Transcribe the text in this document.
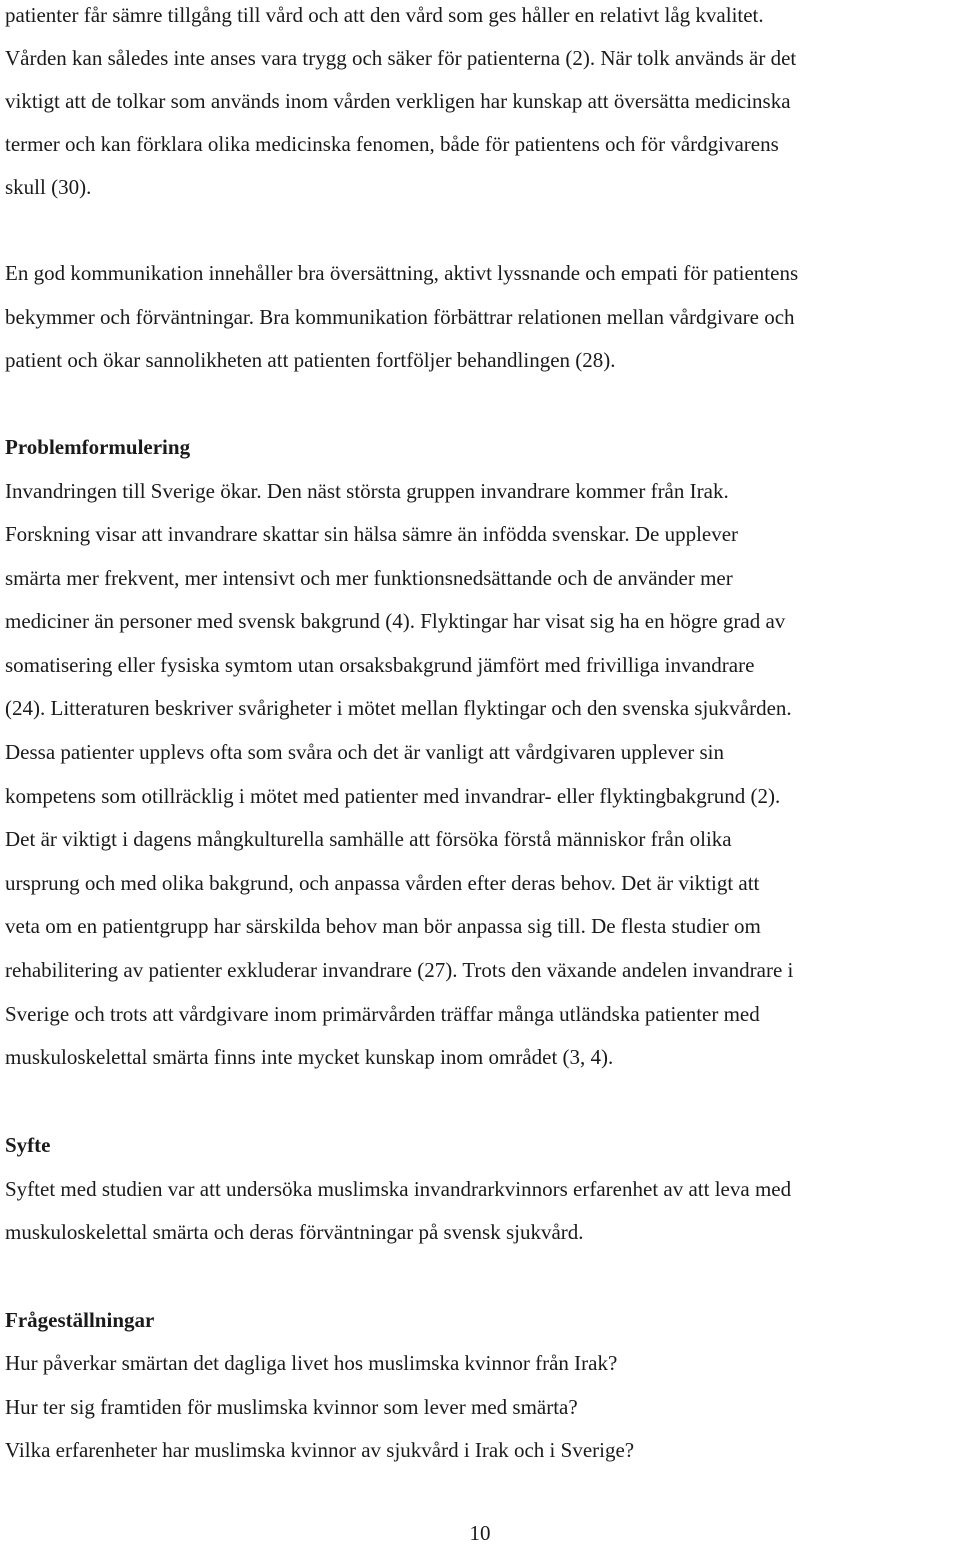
patienter får sämre tillgång till vård och att den vård som ges håller en relativt låg kvalitet.
Vården kan således inte anses vara trygg och säker för patienterna (2). När tolk används är det
viktigt att de tolkar som används inom vården verkligen har kunskap att översätta medicinska
termer och kan förklara olika medicinska fenomen, både för patientens och för vårdgivarens
skull (30).
En god kommunikation innehåller bra översättning, aktivt lyssnande och empati för patientens
bekymmer och förväntningar. Bra kommunikation förbättrar relationen mellan vårdgivare och
patient och ökar sannolikheten att patienten fortföljer behandlingen (28).
Problemformulering
Invandringen till Sverige ökar. Den näst största gruppen invandrare kommer från Irak.
Forskning visar att invandrare skattar sin hälsa sämre än infödda svenskar. De upplever
smärta mer frekvent, mer intensivt och mer funktionsnedsättande och de använder mer
mediciner än personer med svensk bakgrund (4). Flyktingar har visat sig ha en högre grad av
somatisering eller fysiska symtom utan orsaksbakgrund jämfört med frivilliga invandrare
(24). Litteraturen beskriver svårigheter i mötet mellan flyktingar och den svenska sjukvården.
Dessa patienter upplevs ofta som svåra och det är vanligt att vårdgivaren upplever sin
kompetens som otillräcklig i mötet med patienter med invandrar- eller flyktingbakgrund (2).
Det är viktigt i dagens mångkulturella samhälle att försöka förstå människor från olika
ursprung och med olika bakgrund, och anpassa vården efter deras behov. Det är viktigt att
veta om en patientgrupp har särskilda behov man bör anpassa sig till. De flesta studier om
rehabilitering av patienter exkluderar invandrare (27). Trots den växande andelen invandrare i
Sverige och trots att vårdgivare inom primärvården träffar många utländska patienter med
muskuloskelettal smärta finns inte mycket kunskap inom området (3, 4).
Syfte
Syftet med studien var att undersöka muslimska invandrarkvinnors erfarenhet av att leva med
muskuloskelettal smärta och deras förväntningar på svensk sjukvård.
Frågeställningar
Hur påverkar smärtan det dagliga livet hos muslimska kvinnor från Irak?
Hur ter sig framtiden för muslimska kvinnor som lever med smärta?
Vilka erfarenheter har muslimska kvinnor av sjukvård i Irak och i Sverige?
10
